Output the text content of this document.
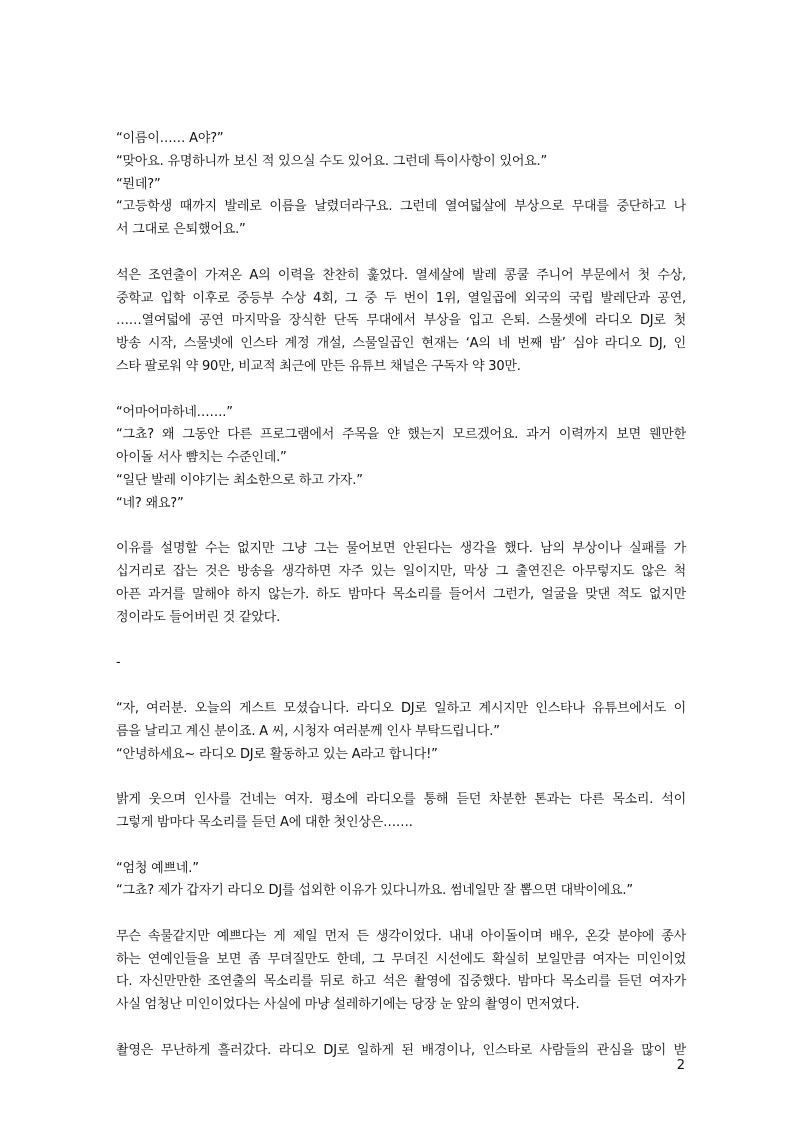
“이름이…… A야?”
“맞아요. 유명하니까 보신 적 있으실 수도 있어요. 그런데 특이사항이 있어요.”
“뭔데?”
“고등학생 때까지 발레로 이름을 날렸더라구요. 그런데 열여덟살에 부상으로 무대를 중단하고 나
서 그대로 은퇴했어요.”
석은 조연출이 가져온 A의 이력을 찬찬히 훑었다. 열세살에 발레 콩쿨 주니어 부문에서 첫 수상,
중학교 입학 이후로 중등부 수상 4회, 그 중 두 번이 1위, 열일곱에 외국의 국립 발레단과 공연,
……열여덟에 공연 마지막을 장식한 단독 무대에서 부상을 입고 은퇴. 스물셋에 라디오 DJ로 첫
방송 시작, 스물넷에 인스타 계정 개설, 스물일곱인 현재는 ‘A의 네 번째 밤’ 심야 라디오 DJ, 인
스타 팔로워 약 90만, 비교적 최근에 만든 유튜브 채널은 구독자 약 30만.
“어마어마하네…….”
“그쵸? 왜 그동안 다른 프로그램에서 주목을 얀 했는지 모르겠어요. 과거 이력까지 보면 웬만한
아이돌 서사 뺨치는 수준인데.”
“일단 발레 이야기는 최소한으로 하고 가자.”
“네? 왜요?”
이유를 설명할 수는 없지만 그냥 그는 물어보면 안된다는 생각을 했다. 남의 부상이나 실패를 가
십거리로 잡는 것은 방송을 생각하면 자주 있는 일이지만, 막상 그 출연진은 아무렇지도 않은 척
아픈 과거를 말해야 하지 않는가. 하도 밤마다 목소리를 들어서 그런가, 얼굴을 맞댄 적도 없지만
정이라도 들어버린 것 같았다.
-
“자, 여러분. 오늘의 게스트 모셨습니다. 라디오 DJ로 일하고 계시지만 인스타나 유튜브에서도 이
름을 날리고 계신 분이죠. A 씨, 시청자 여러분께 인사 부탁드립니다.”
“안녕하세요~ 라디오 DJ로 활동하고 있는 A라고 합니다!”
밝게 웃으며 인사를 건네는 여자. 평소에 라디오를 통해 듣던 차분한 톤과는 다른 목소리. 석이
그렇게 밤마다 목소리를 듣던 A에 대한 첫인상은…….
“엄청 예쁘네.”
“그쵸? 제가 갑자기 라디오 DJ를 섭외한 이유가 있다니까요. 썸네일만 잘 뽑으면 대박이에요.”
무슨 속물같지만 예쁘다는 게 제일 먼저 든 생각이었다. 내내 아이돌이며 배우, 온갖 분야에 종사
하는 연예인들을 보면 좀 무뎌질만도 한데, 그 무뎌진 시선에도 확실히 보일만큼 여자는 미인이었
다. 자신만만한 조연출의 목소리를 뒤로 하고 석은 촬영에 집중했다. 밤마다 목소리를 듣던 여자가
사실 엄청난 미인이었다는 사실에 마냥 설레하기에는 당장 눈 앞의 촬영이 먼저였다.
촬영은 무난하게 흘러갔다. 라디오 DJ로 일하게 된 배경이나, 인스타로 사람들의 관심을 많이 받
2
